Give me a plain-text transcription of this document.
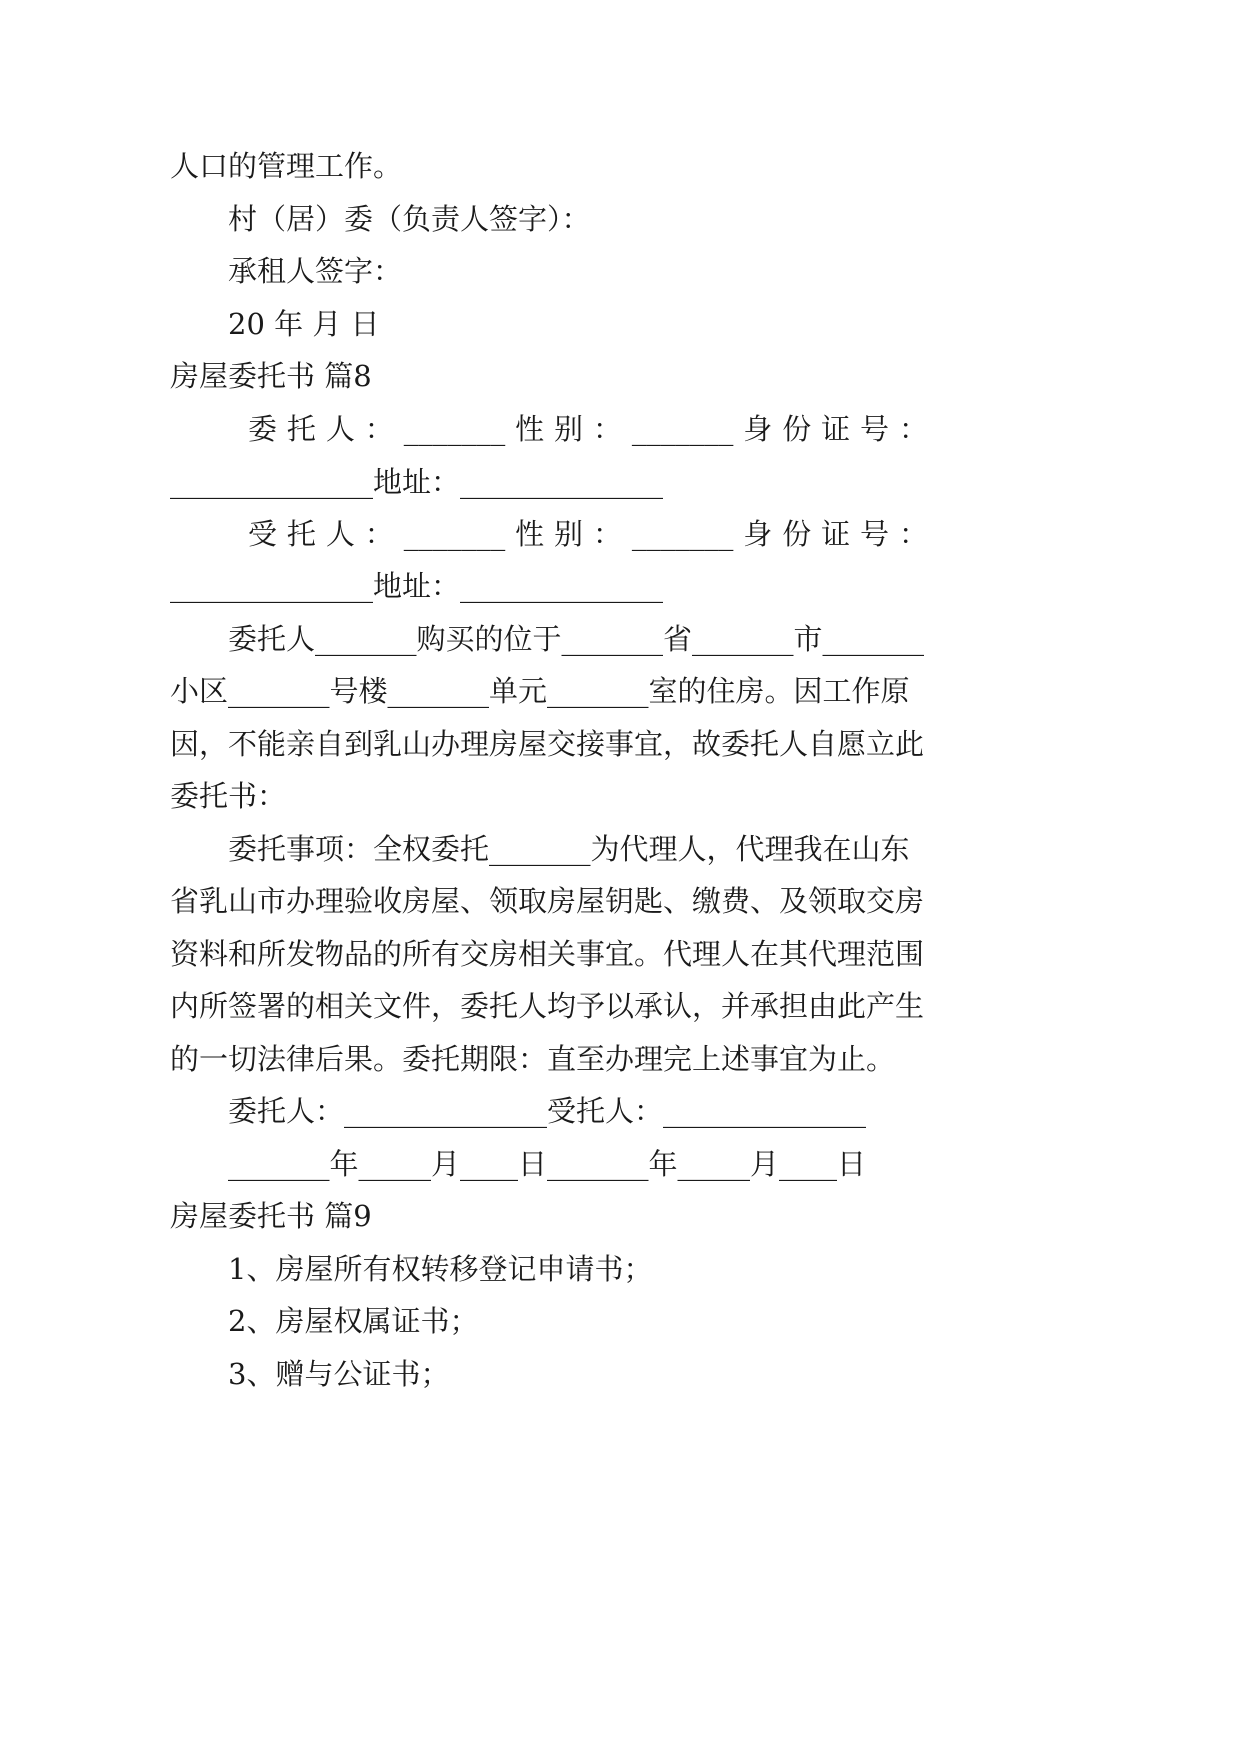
人口的管理工作。

村（居）委（负责人签字）：

承租人签字：

20 年 月 日

房屋委托书 篇8

委 托 人 ： _______ 性 别 ： _______ 身 份 证 号 ：

______________地址：______________

受 托 人 ： _______ 性 别 ： _______ 身 份 证 号 ：

______________地址：______________

委托人_______购买的位于_______省_______市_______

小区_______号楼_______单元_______室的住房。因工作原

因，不能亲自到乳山办理房屋交接事宜，故委托人自愿立此

委托书：

委托事项：全权委托_______为代理人，代理我在山东

省乳山市办理验收房屋、领取房屋钥匙、缴费、及领取交房

资料和所发物品的所有交房相关事宜。代理人在其代理范围

内所签署的相关文件，委托人均予以承认，并承担由此产生

的一切法律后果。委托期限：直至办理完上述事宜为止。

委托人：______________受托人：______________

_______年_____月____日_______年_____月____日

房屋委托书 篇9

1、房屋所有权转移登记申请书；

2、房屋权属证书；

3、赠与公证书；
